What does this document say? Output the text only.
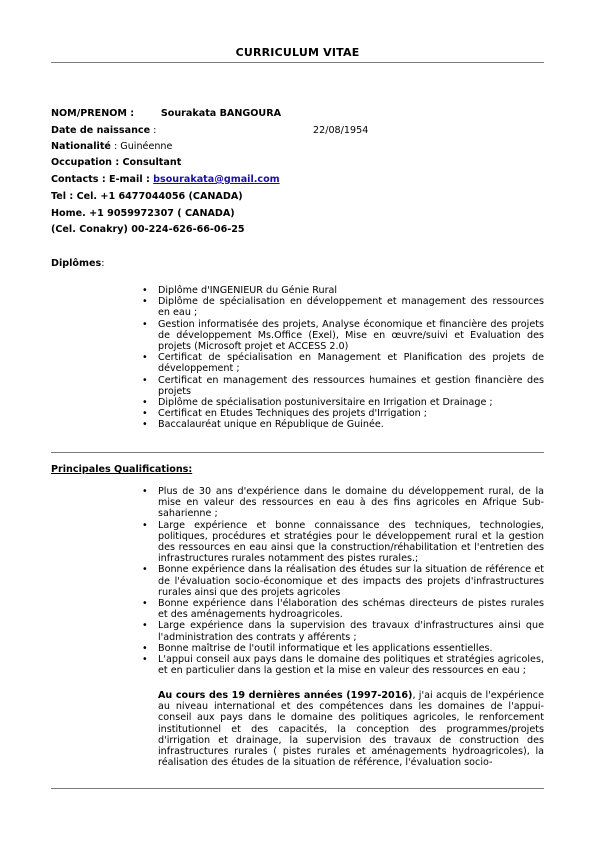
CURRICULUM VITAE
NOM/PRENOM :	Sourakata BANGOURA
Date de naissance :	22/08/1954
Nationalité : Guinéenne
Occupation : Consultant
Contacts : E-mail : bsourakata@gmail.com
Tel : Cel. +1 6477044056 (CANADA)
Home. +1 9059972307 ( CANADA)
(Cel. Conakry) 00-224-626-66-06-25
Diplômes:
• Diplôme d'INGENIEUR du Génie Rural
• Diplôme de spécialisation en développement et management des ressources en eau ;
• Gestion informatisée des projets, Analyse économique et financière des projets de développement Ms.Office (Exel), Mise en œuvre/suivi et Evaluation des projets (Microsoft projet et ACCESS 2.0)
• Certificat de spécialisation en Management et Planification des projets de développement ;
• Certificat en management des ressources humaines et gestion financière des projets
• Diplôme de spécialisation postuniversitaire en Irrigation et Drainage ;
• Certificat en Etudes Techniques des projets d'Irrigation ;
• Baccalauréat unique en République de Guinée.
Principales Qualifications:
• Plus de 30 ans d'expérience dans le domaine du développement rural, de la mise en valeur des ressources en eau à des fins agricoles en Afrique Sub-saharienne ;
• Large expérience et bonne connaissance des techniques, technologies, politiques, procédures et stratégies pour le développement rural et la gestion des ressources en eau ainsi que la construction/réhabilitation et l'entretien des infrastructures rurales notamment des pistes rurales.;
• Bonne expérience dans la réalisation des études sur la situation de référence et de l'évaluation socio-économique et des impacts des projets d'infrastructures rurales ainsi que des projets agricoles
• Bonne expérience dans l'élaboration des schémas directeurs de pistes rurales et des aménagements hydroagricoles.
• Large expérience dans la supervision des travaux d'infrastructures ainsi que l'administration des contrats y afférents ;
• Bonne maîtrise de l'outil informatique et les applications essentielles.
• L'appui conseil aux pays dans le domaine des politiques et stratégies agricoles, et en particulier dans la gestion et la mise en valeur des ressources en eau ;
Au cours des 19 dernières années (1997-2016), j'ai acquis de l'expérience au niveau international et des compétences dans les domaines de l'appui-conseil aux pays dans le domaine des politiques agricoles, le renforcement institutionnel et des capacités, la conception des programmes/projets d'irrigation et drainage, la supervision des travaux de construction des infrastructures rurales ( pistes rurales et aménagements hydroagricoles), la réalisation des études de la situation de référence, l'évaluation socio-
